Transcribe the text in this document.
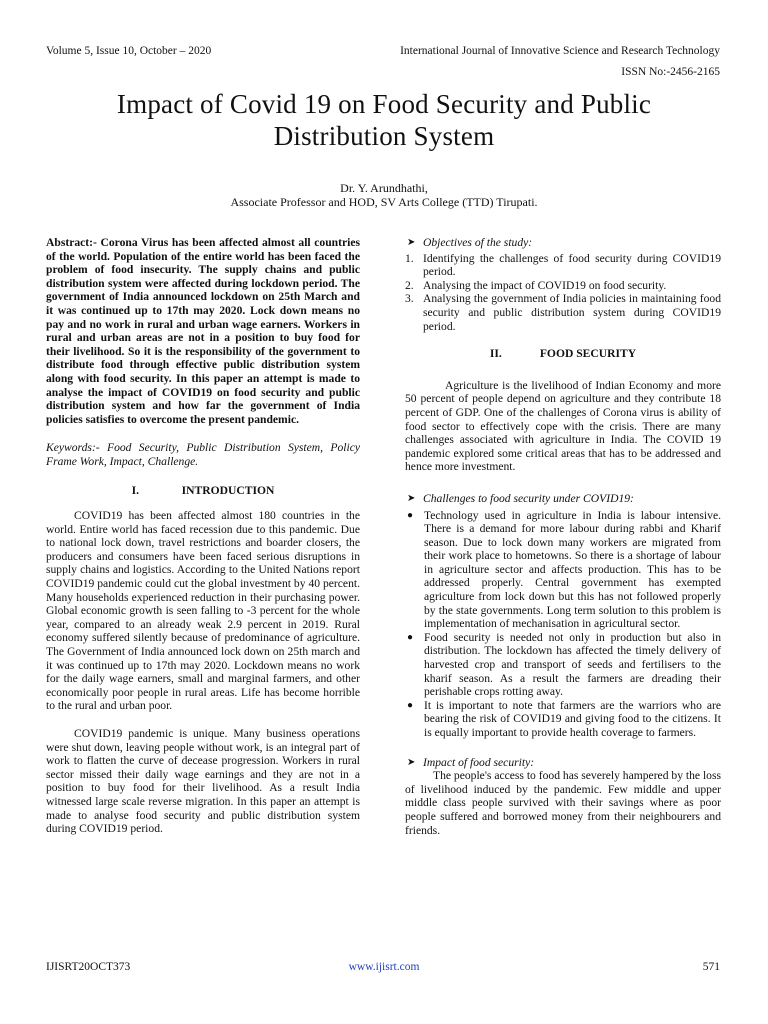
Volume 5, Issue 10, October – 2020	International Journal of Innovative Science and Research Technology
ISSN No:-2456-2165
Impact of Covid 19 on Food Security and Public
Distribution System
Dr. Y. Arundhathi,
Associate Professor and HOD, SV Arts College (TTD) Tirupati.

Abstract:- Corona Virus has been affected almost all countries of the world. Population of the entire world has been faced the problem of food insecurity. The supply chains and public distribution system were affected during lockdown period. The government of India announced lockdown on 25th March and it was continued up to 17th may 2020. Lock down means no pay and no work in rural and urban wage earners. Workers in rural and urban areas are not in a position to buy food for their livelihood. So it is the responsibility of the government to distribute food through effective public distribution system along with food security. In this paper an attempt is made to analyse the impact of COVID19 on food security and public distribution system and how far the government of India policies satisfies to overcome the present pandemic.

Keywords:- Food Security, Public Distribution System, Policy Frame Work, Impact, Challenge.

I.	INTRODUCTION

COVID19 has been affected almost 180 countries in the world. Entire world has faced recession due to this pandemic. Due to national lock down, travel restrictions and boarder closers, the producers and consumers have been faced serious disruptions in supply chains and logistics. According to the United Nations report COVID19 pandemic could cut the global investment by 40 percent. Many households experienced reduction in their purchasing power. Global economic growth is seen falling to -3 percent for the whole year, compared to an already weak 2.9 percent in 2019. Rural economy suffered silently because of predominance of agriculture. The Government of India announced lock down on 25th march and it was continued up to 17th may 2020. Lockdown means no work for the daily wage earners, small and marginal farmers, and other economically poor people in rural areas. Life has become horrible to the rural and urban poor.

COVID19 pandemic is unique. Many business operations were shut down, leaving people without work, is an integral part of work to flatten the curve of decease progression. Workers in rural sector missed their daily wage earnings and they are not in a position to buy food for their livelihood. As a result India witnessed large scale reverse migration. In this paper an attempt is made to analyse food security and public distribution system during COVID19 period.

➤ Objectives of the study:

1. Identifying the challenges of food security during COVID19 period.
2. Analysing the impact of COVID19 on food security.
3. Analysing the government of India policies in maintaining food security and public distribution system during COVID19 period.
II.	FOOD SECURITY

Agriculture is the livelihood of Indian Economy and more 50 percent of people depend on agriculture and they contribute 18 percent of GDP. One of the challenges of Corona virus is ability of food sector to effectively cope with the crisis. There are many challenges associated with agriculture in India. The COVID 19 pandemic explored some critical areas that has to be addressed and hence more investment.

➤ Challenges to food security under COVID19:

● Technology used in agriculture in India is labour intensive. There is a demand for more labour during rabbi and Kharif season. Due to lock down many workers are migrated from their work place to hometowns. So there is a shortage of labour in agriculture sector and affects production. This has to be addressed properly. Central government has exempted agriculture from lock down but this has not followed properly by the state governments. Long term solution to this problem is implementation of mechanisation in agricultural sector.
● Food security is needed not only in production but also in distribution. The lockdown has affected the timely delivery of harvested crop and transport of seeds and fertilisers to the kharif season. As a result the farmers are dreading their perishable crops rotting away.
● It is important to note that farmers are the warriors who are bearing the risk of COVID19 and giving food to the citizens. It is equally important to provide health coverage to farmers.

➤ Impact of food security:

The people's access to food has severely hampered by the loss of livelihood induced by the pandemic. Few middle and upper middle class people survived with their savings where as poor people suffered and borrowed money from their neighbourers and friends.

IJISRT20OCT373	www.ijisrt.com	571
